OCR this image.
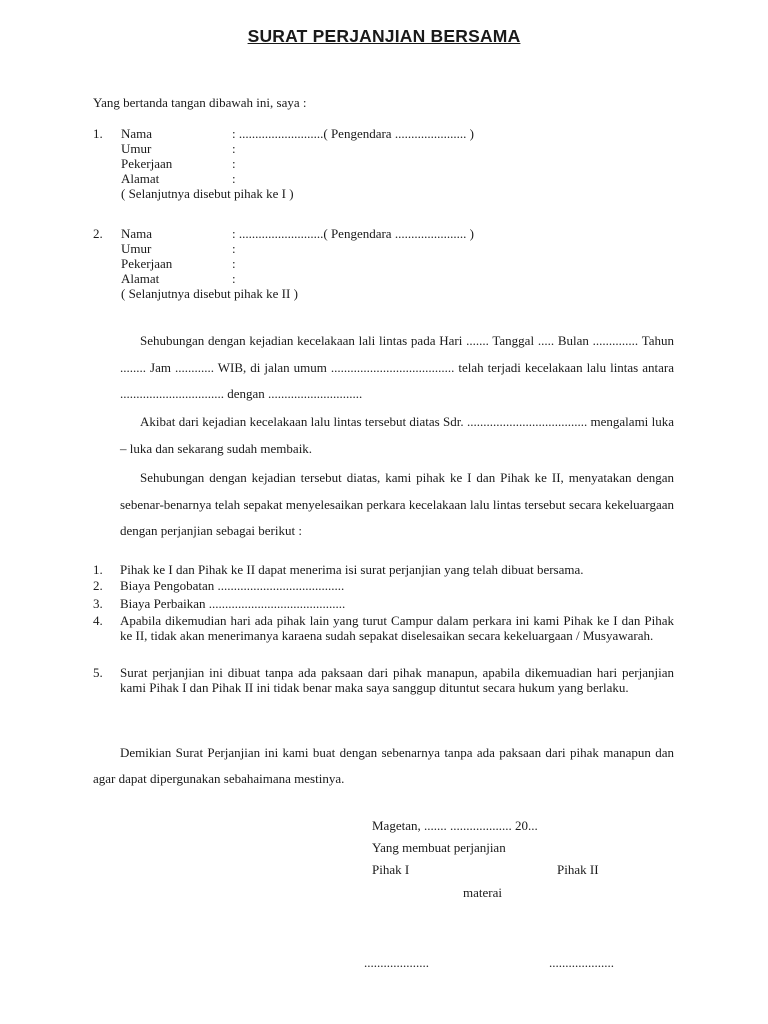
SURAT PERJANJIAN BERSAMA
Yang bertanda tangan dibawah ini, saya :
1. Nama	: ..........................( Pengendara ...................... )
Umur	:
Pekerjaan	:
Alamat	:
( Selanjutnya disebut pihak ke I )
2. Nama	: ..........................( Pengendara ...................... )
Umur	:
Pekerjaan	:
Alamat	:
( Selanjutnya disebut pihak ke II )
Sehubungan dengan kejadian kecelakaan lali lintas pada Hari ....... Tanggal ..... Bulan .............. Tahun ........ Jam ............ WIB, di jalan umum ...................................... telah terjadi kecelakaan lalu lintas antara ................................ dengan .............................
Akibat dari kejadian kecelakaan lalu lintas tersebut diatas Sdr. ..................................... mengalami luka – luka dan sekarang sudah membaik.
Sehubungan dengan kejadian tersebut diatas, kami pihak ke I dan Pihak ke II, menyatakan dengan sebenar-benarnya telah sepakat menyelesaikan perkara kecelakaan lalu lintas tersebut secara kekeluargaan dengan perjanjian sebagai berikut :
1. Pihak ke I dan Pihak ke II dapat menerima isi surat perjanjian yang telah dibuat bersama.
2. Biaya Pengobatan .......................................
3. Biaya Perbaikan ..........................................
4. Apabila dikemudian hari ada pihak lain yang turut Campur dalam perkara ini kami Pihak ke I dan Pihak ke II, tidak akan menerimanya karaena sudah sepakat diselesaikan secara kekeluargaan / Musyawarah.
5. Surat perjanjian ini dibuat tanpa ada paksaan dari pihak manapun, apabila dikemuadian hari perjanjian kami Pihak I dan Pihak II ini tidak benar maka saya sanggup dituntut secara hukum yang berlaku.
Demikian Surat Perjanjian ini kami buat dengan sebenarnya tanpa ada paksaan dari pihak manapun dan agar dapat dipergunakan sebahaimana mestinya.
Magetan, ....... ................... 20...
Yang membuat perjanjian
Pihak I	Pihak II
materai
....................	....................
